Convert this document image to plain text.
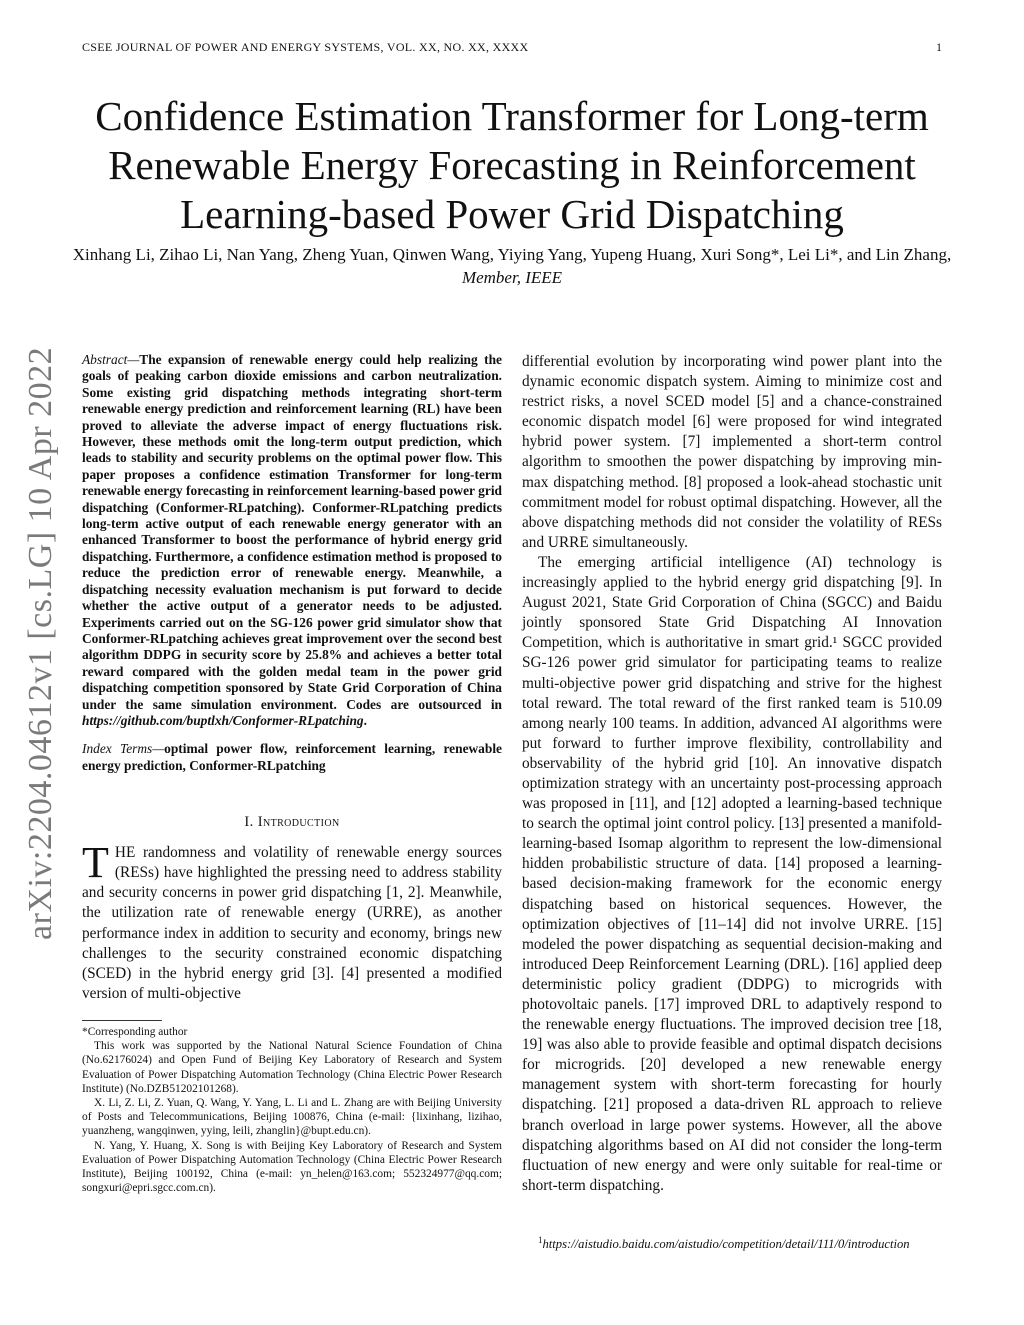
CSEE JOURNAL OF POWER AND ENERGY SYSTEMS, VOL. XX, NO. XX, XXXX	1
Confidence Estimation Transformer for Long-term Renewable Energy Forecasting in Reinforcement Learning-based Power Grid Dispatching
Xinhang Li, Zihao Li, Nan Yang, Zheng Yuan, Qinwen Wang, Yiying Yang, Yupeng Huang, Xuri Song*, Lei Li*, and Lin Zhang, Member, IEEE
arXiv:2204.04612v1 [cs.LG] 10 Apr 2022 Abstract—The expansion of renewable energy could help realizing the goals of peaking carbon dioxide emissions and carbon neutralization. Some existing grid dispatching methods integrating short-term renewable energy prediction and reinforcement learning (RL) have been proved to alleviate the adverse impact of energy fluctuations risk. However, these methods omit the long-term output prediction, which leads to stability and security problems on the optimal power flow. This paper proposes a confidence estimation Transformer for long-term renewable energy forecasting in reinforcement learning-based power grid dispatching (Conformer-RLpatching). Conformer-RLpatching predicts long-term active output of each renewable energy generator with an enhanced Transformer to boost the performance of hybrid energy grid dispatching. Furthermore, a confidence estimation method is proposed to reduce the prediction error of renewable energy. Meanwhile, a dispatching necessity evaluation mechanism is put forward to decide whether the active output of a generator needs to be adjusted. Experiments carried out on the SG-126 power grid simulator show that Conformer-RLpatching achieves great improvement over the second best algorithm DDPG in security score by 25.8% and achieves a better total reward compared with the golden medal team in the power grid dispatching competition sponsored by State Grid Corporation of China under the same simulation environment. Codes are outsourced in https://github.com/buptlxh/Conformer-RLpatching.

Index Terms—optimal power flow, reinforcement learning, renewable energy prediction, Conformer-RLpatching

I. Introduction

THE randomness and volatility of renewable energy sources (RESs) have highlighted the pressing need to address stability and security concerns in power grid dispatching [1, 2]. Meanwhile, the utilization rate of renewable energy (URRE), as another performance index in addition to security and economy, brings new challenges to the security constrained economic dispatching (SCED) in the hybrid energy grid [3]. [4] presented a modified version of multi-objective

*Corresponding author

This work was supported by the National Natural Science Foundation of China (No.62176024) and Open Fund of Beijing Key Laboratory of Research and System Evaluation of Power Dispatching Automation Technology (China Electric Power Research Institute) (No.DZB51202101268).

X. Li, Z. Li, Z. Yuan, Q. Wang, Y. Yang, L. Li and L. Zhang are with Beijing University of Posts and Telecommunications, Beijing 100876, China (e-mail: {lixinhang, lizihao, yuanzheng, wangqinwen, yying, leili, zhanglin}@bupt.edu.cn).

N. Yang, Y. Huang, X. Song is with Beijing Key Laboratory of Research and System Evaluation of Power Dispatching Automation Technology (China Electric Power Research Institute), Beijing 100192, China (e-mail: yn_helen@163.com; 552324977@qq.com; songxuri@epri.sgcc.com.cn).

differential evolution by incorporating wind power plant into the dynamic economic dispatch system. Aiming to minimize cost and restrict risks, a novel SCED model [5] and a chance-constrained economic dispatch model [6] were proposed for wind integrated hybrid power system. [7] implemented a short-term control algorithm to smoothen the power dispatching by improving min-max dispatching method. [8] proposed a look-ahead stochastic unit commitment model for robust optimal dispatching. However, all the above dispatching methods did not consider the volatility of RESs and URRE simultaneously.

The emerging artificial intelligence (AI) technology is increasingly applied to the hybrid energy grid dispatching [9]. In August 2021, State Grid Corporation of China (SGCC) and Baidu jointly sponsored State Grid Dispatching AI Innovation Competition, which is authoritative in smart grid.¹ SGCC provided SG-126 power grid simulator for participating teams to realize multi-objective power grid dispatching and strive for the highest total reward. The total reward of the first ranked team is 510.09 among nearly 100 teams. In addition, advanced AI algorithms were put forward to further improve flexibility, controllability and observability of the hybrid grid [10]. An innovative dispatch optimization strategy with an uncertainty post-processing approach was proposed in [11], and [12] adopted a learning-based technique to search the optimal joint control policy. [13] presented a manifold-learning-based Isomap algorithm to represent the low-dimensional hidden probabilistic structure of data. [14] proposed a learning-based decision-making framework for the economic energy dispatching based on historical sequences. However, the optimization objectives of [11–14] did not involve URRE. [15] modeled the power dispatching as sequential decision-making and introduced Deep Reinforcement Learning (DRL). [16] applied deep deterministic policy gradient (DDPG) to microgrids with photovoltaic panels. [17] improved DRL to adaptively respond to the renewable energy fluctuations. The improved decision tree [18, 19] was also able to provide feasible and optimal dispatch decisions for microgrids. [20] developed a new renewable energy management system with short-term forecasting for hourly dispatching. [21] proposed a data-driven RL approach to relieve branch overload in large power systems. However, all the above dispatching algorithms based on AI did not consider the long-term fluctuation of new energy and were only suitable for real-time or short-term dispatching.

$^1$https://aistudio.baidu.com/aistudio/competition/detail/111/0/introduction
